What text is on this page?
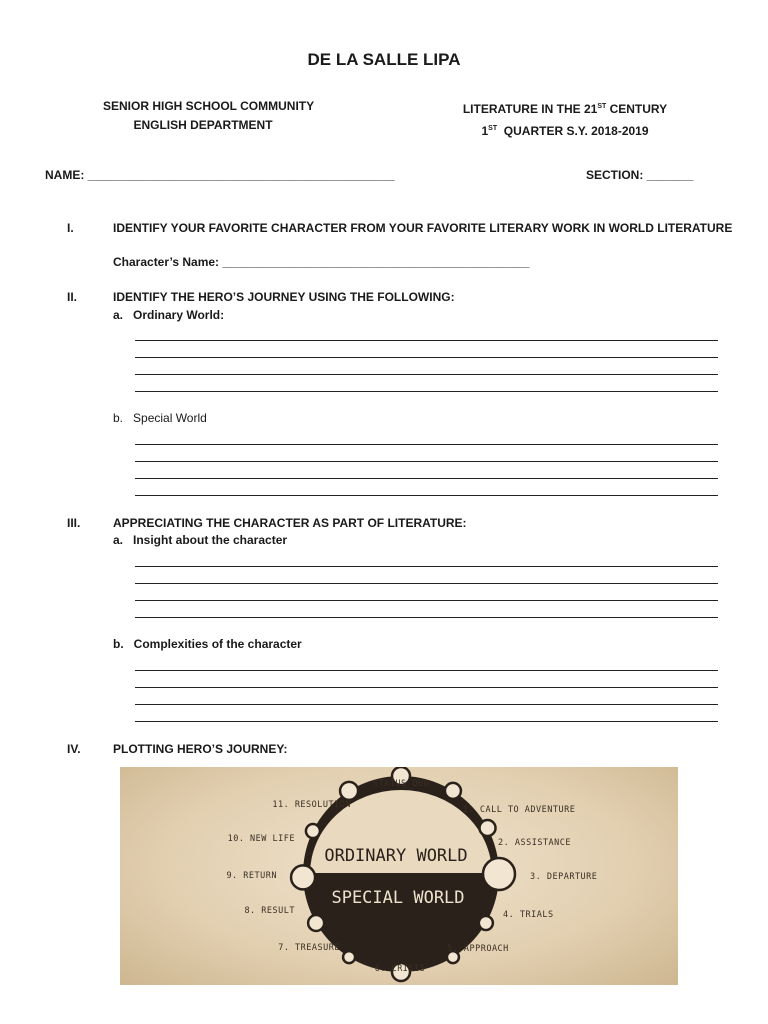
DE LA SALLE LIPA
SENIOR HIGH SCHOOL COMMUNITY
ENGLISH DEPARTMENT
LITERATURE IN THE 21ST CENTURY
1ST  QUARTER S.Y. 2018-2019
NAME: ______________________________________________	SECTION: _______
I.	IDENTIFY YOUR FAVORITE CHARACTER FROM YOUR FAVORITE LITERARY WORK IN WORLD LITERATURE
Character’s Name: ______________________________________________
II.	IDENTIFY THE HERO’S JOURNEY USING THE FOLLOWING:
a.   Ordinary World:
b.   Special World
III.	APPRECIATING THE CHARACTER AS PART OF LITERATURE:
a.   Insight about the character
b.   Complexities of the character
IV.	PLOTTING HERO’S JOURNEY:
ORDINARY WORLD
SPECIAL WORLD
STATUS QUO
1. CALL TO ADVENTURE
2. ASSISTANCE
3. DEPARTURE
4. TRIALS
5. APPROACH
6. CRISIS
7. TREASURE
8. RESULT
9. RETURN
10. NEW LIFE
11. RESOLUTION
